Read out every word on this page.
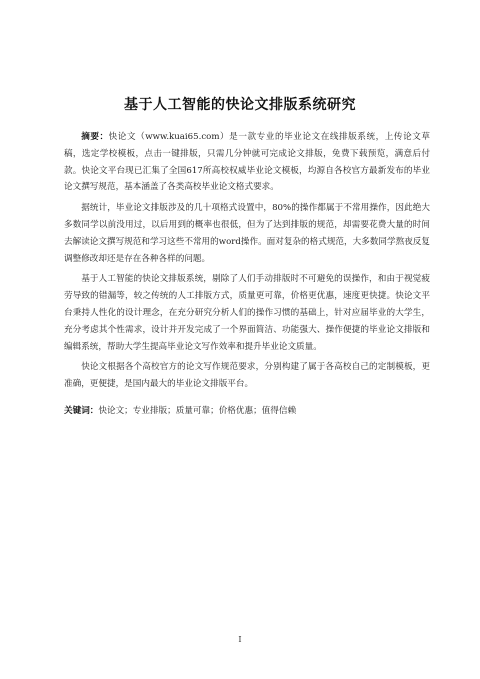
基于人工智能的快论文排版系统研究

摘要：快论文（www.kuai65.com）是一款专业的毕业论文在线排版系统，上传论文草稿，选定学校模板，点击一键排版，只需几分钟就可完成论文排版，免费下载预览，满意后付款。快论文平台现已汇集了全国617所高校权威毕业论文模板，均源自各校官方最新发布的毕业论文撰写规范，基本涵盖了各类高校毕业论文格式要求。

据统计，毕业论文排版涉及的几十项格式设置中，80%的操作都属于不常用操作，因此绝大多数同学以前没用过，以后用到的概率也很低，但为了达到排版的规范，却需要花费大量的时间去解读论文撰写规范和学习这些不常用的word操作。面对复杂的格式规范，大多数同学熬夜反复调整修改却还是存在各种各样的问题。

基于人工智能的快论文排版系统，剔除了人们手动排版时不可避免的误操作，和由于视觉疲劳导致的错漏等，较之传统的人工排版方式，质量更可靠，价格更优惠，速度更快捷。快论文平台秉持人性化的设计理念，在充分研究分析人们的操作习惯的基础上，针对应届毕业的大学生，充分考虑其个性需求，设计并开发完成了一个界面简洁、功能强大、操作便捷的毕业论文排版和编辑系统，帮助大学生提高毕业论文写作效率和提升毕业论文质量。

快论文根据各个高校官方的论文写作规范要求，分别构建了属于各高校自己的定制模板，更准确，更便捷，是国内最大的毕业论文排版平台。

关键词：快论文；专业排版；质量可靠；价格优惠；值得信赖

I
